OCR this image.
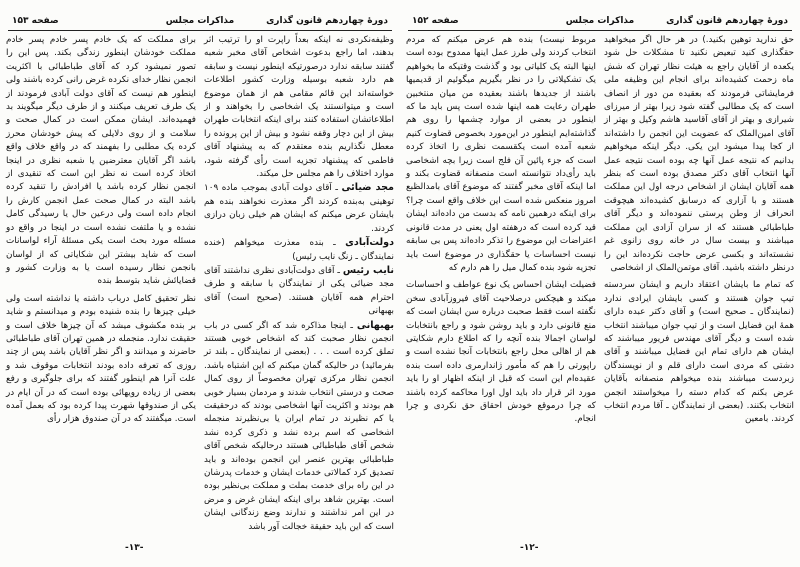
دورهٔ چهاردهم قانون گذاری
مذاکرات مجلس
صفحه ۱۵۳

وظیفه‌نکردی نه اینکه بعداً راپرت او را ترتیب اثر بدهند، اما راجع بدعوت اشخاص آقای مخبر شعبه گفتند سابقه ندارد درصورتیکه اینطور نیست و سابقه هم دارد شعبه بوسیله وزارت کشور اطلاعات خواسته‌اند این قائم مقامی هم از همان موضوع است و میتوانستند یک اشخاصی را بخواهند و از اطلاعاتشان استفاده کنند برای اینکه انتخابات طهران بیش از این دچار وقفه نشود و بیش از این پرونده را معطل نگذاریم بنده معتقدم که به پیشنهاد آقای فاطمی که پیشنهاد تجزیه است رأی گرفته شود، موارد اختلاف را هم مجلس حل میکند.

مجد ضیائی ـ آقای دولت آبادی بموجب ماده ۱۰۹ توهینی به‌بنده کردند اگر معذرت نخواهند بنده هم بایشان عرض میکنم که ایشان هم خیلی زبان درازی کردند.

دولت‌آبادی ـ بنده معذرت میخواهم (خنده نمایندگان ـ زنگ نایب رئیس)

نایب رئیس ـ آقای دولت‌آبادی نظری نداشتند آقای مجد ضیائی یکی از نمایندگان با سابقه و طرف احترام همه آقایان هستند. (صحیح است) آقای بهبهانی

بهبهانی ـ اینجا مذاکره شد که اگر کسی در باب انجمن نظار صحبت کند که اشخاص خوبی هستند تملق کرده است . . . (بعضی از نمایندگان ـ بلند تر بفرمائید) در حالیکه گمان میکنم که این اشتباه باشد. انجمن نظار مرکزی تهران مخصوصاً از روی کمال صحت و درستی انتخاب شدند و مردمان بسیار خوبی هم بودند و اکثریت آنها اشخاصی بودند که درحقیقت یا کم نظیرند در تمام ایران یا بی‌نظیرند منجمله اشخاصی که اسم برده نشد و ذکری کرده نشد شخص آقای طباطبائی هستند درحالیکه شخص آقای طباطبائی بهترین عنصر این انجمن بوده‌اند و باید تصدیق کرد کمالاتی خدمات ایشان و خدمات پدرشان در این راه برای خدمت بملت و مملکت بی‌نظیر بوده است. بهترین شاهد برای اینکه ایشان غرض و مرض در این امر نداشتند و ندارند وضع زندگانی ایشان است که این باید حقیقة خجالت آور باشد

برای مملکت که یک خادم پسر خادم پسر خادم مملکت خودشان اینطور زندگی بکند. پس این را تصور نمیشود کرد که آقای طباطبائی با اکثریت انجمن نظار خدای نکرده غرض رانی کرده باشند ولی اینطور هم نیست که آقای دولت آبادی فرمودند از یک طرف تعریف میکنند و از طرف دیگر میگویند بد فهمیده‌اند. ایشان ممکن است در کمال صحت و سلامت و از روی دلایلی که پیش خودشان محرز کرده یک مطلبی را بفهمند که در واقع خلاف واقع باشد اگر آقایان معترضین یا شعبه نظری در اینجا اتخاذ کرده است نه نظر این است که تنقیدی از انجمن نظار کرده باشد یا افرادش را تنقید کرده باشد البته در کمال صحت عمل انجمن کارش را انجام داده است ولی درعین حال یا رسیدگی کامل نشده و یا ملتفت نشده است در اینجا در واقع دو مسئله مورد بحث است یکی مسئلهٔ آراء لواسانات است که شاید بیشتر این شکایاتی که از لواسان بانجمن نظار رسیده است یا به وزارت کشور و قضایائش شاید بتوسط بنده

نظر تحقیق کامل درباب داشته یا نداشته است ولی خیلی چیزها را بنده شنیده بودم و میدانستم و شاید بر بنده مکشوف میشد که آن چیزها خلاف است و حقیقت ندارد. منجمله در همین تهران آقای طباطبائی حاضرند و میدانند و اگر نظر آقایان باشد پس از چند روزی که تعرفه داده بودند انتخابات موقوف شد و علت آنرا هم اینطور گفتند که برای جلوگیری و رفع بعضی از زیاده رویهائی بوده است که در آن ایام در یکی از صندوقها شهرت پیدا کرده بود که بعمل آمده است. میگفتند که در آن صندوق هزار رأی

-۱۳-
دورهٔ چهاردهم قانون گذاری
مذاکرات مجلس
صفحه ۱۵۲

حق ندارید توهین بکنید.) در هر حال اگر میخواهید حقگذاری کنید تبعیض نکنید تا مشکلات حل شود یکعده از آقایان راجع به هیئت نظار تهران که شش ماه زحمت کشیده‌اند برای انجام این وظیفه ملی فرمایشاتی فرمودند که بعقیده من دور از انصاف است که یک مطالبی گفته شود زیرا بهتر از میرزای شیرازی و بهتر از آقای آقاسید هاشم وکیل و بهتر از آقای امین‌الملک که عضویت این انجمن را داشته‌اند از کجا پیدا میشود این یکی. دیگر اینکه میخواهیم بدانیم که نتیجه عمل آنها چه بوده است نتیجه عمل آنها انتخاب آقای دکتر مصدق بوده است که بنظر همه آقایان ایشان از اشخاص درجه اول این مملکت هستند و با آزاری که درسابق کشیده‌اند هیچوقت انحراف از وطن پرستی ننموده‌اند و دیگر آقای طباطبائی هستند که از سران آزادی این مملکت میباشند و بیست سال در خانه روی زانوی غم نشسته‌اند و بکسی عرض حاجت نکرده‌اند این را درنظر داشته باشید. آقای موتمن‌الملک از اشخاصی

که تمام ما بایشان اعتقاد داریم و ایشان سردسته تیپ جوان هستند و کسی بایشان ایرادی ندارد (نمایندگان ـ صحیح است) و آقای دکتر عبده دارای همهٔ این فضایل است و از تیپ جوان میباشند انتخاب شده است و دیگر آقای مهندس فریور میباشند که ایشان هم دارای تمام این فضایل میباشند و آقای دشتی که مردی است دارای قلم و از نویسندگان زبردست میباشند بنده میخواهم منصفانه بآقایان عرض بکنم که کدام دسته را میخواستند انجمن انتخاب بکنند. (بعضی از نمایندگان ـ آقا مردم انتخاب کردند. بامعین

مربوط نیست) بنده هم عرض میکنم که مردم انتخاب کردند ولی طرز عمل اینها ممدوح بوده است اینها البته یک کلیاتی بود و گذشت وقتیکه ما بخواهیم یک تشکیلاتی را در نظر بگیریم میگوئیم از قدیمیها باشند از جدیدها باشند بعقیده من میان منتخبین طهران رعایت همه اینها شده است پس باید ما که اینطور در بعضی از موارد چشمها را روی هم گذاشته‌ایم اینطور در این‌مورد بخصوص قضاوت کنیم شعبه آمده است یکقسمت نظری را اتخاذ کرده است که جزء پائین آن فلج است زیرا بچه اشخاصی باید رأی‌داد نتوانسته است منصفانه قضاوت بکند و اما اینکه آقای مخبر گفتند که موضوع آقای بامدالظبع امروز منعکس شده است این خلاف واقع است چرا؟ برای اینکه درهمین نامه که بدست من داده‌اند ایشان قید کرده است که درهفته اول یعنی در مدت قانونی اعتراضات این موضوع را تذکر داده‌اند پس بی سابقه نیست احساسات یا حقگذاری در موضوع است باید تجزیه شود بنده کمال میل را هم دارم که

فضیلت ایشان احساس یک نوع عواطف و احساسات میکند و هیچکس درصلاحیت آقای فیروزآبادی سخن نگفته است فقط صحبت درباره سن ایشان است که منع قانونی دارد و باید روشن شود و راجع بانتخابات لواسان اجمالا بنده آنچه را که اطلاع دارم شکایتی هم از اهالی محل راجع بانتخابات آنجا نشده است و راپورتی را هم که مأمور ژاندارمری داده است بنده عقیده‌ام این است که قبل از اینکه اظهار او را باید مورد اثر قرار داد باید اول اورا محاکمه کرده باشند که چرا درموقع خودش احقاق حق نکردی و چرا انجام.

-۱۲-
